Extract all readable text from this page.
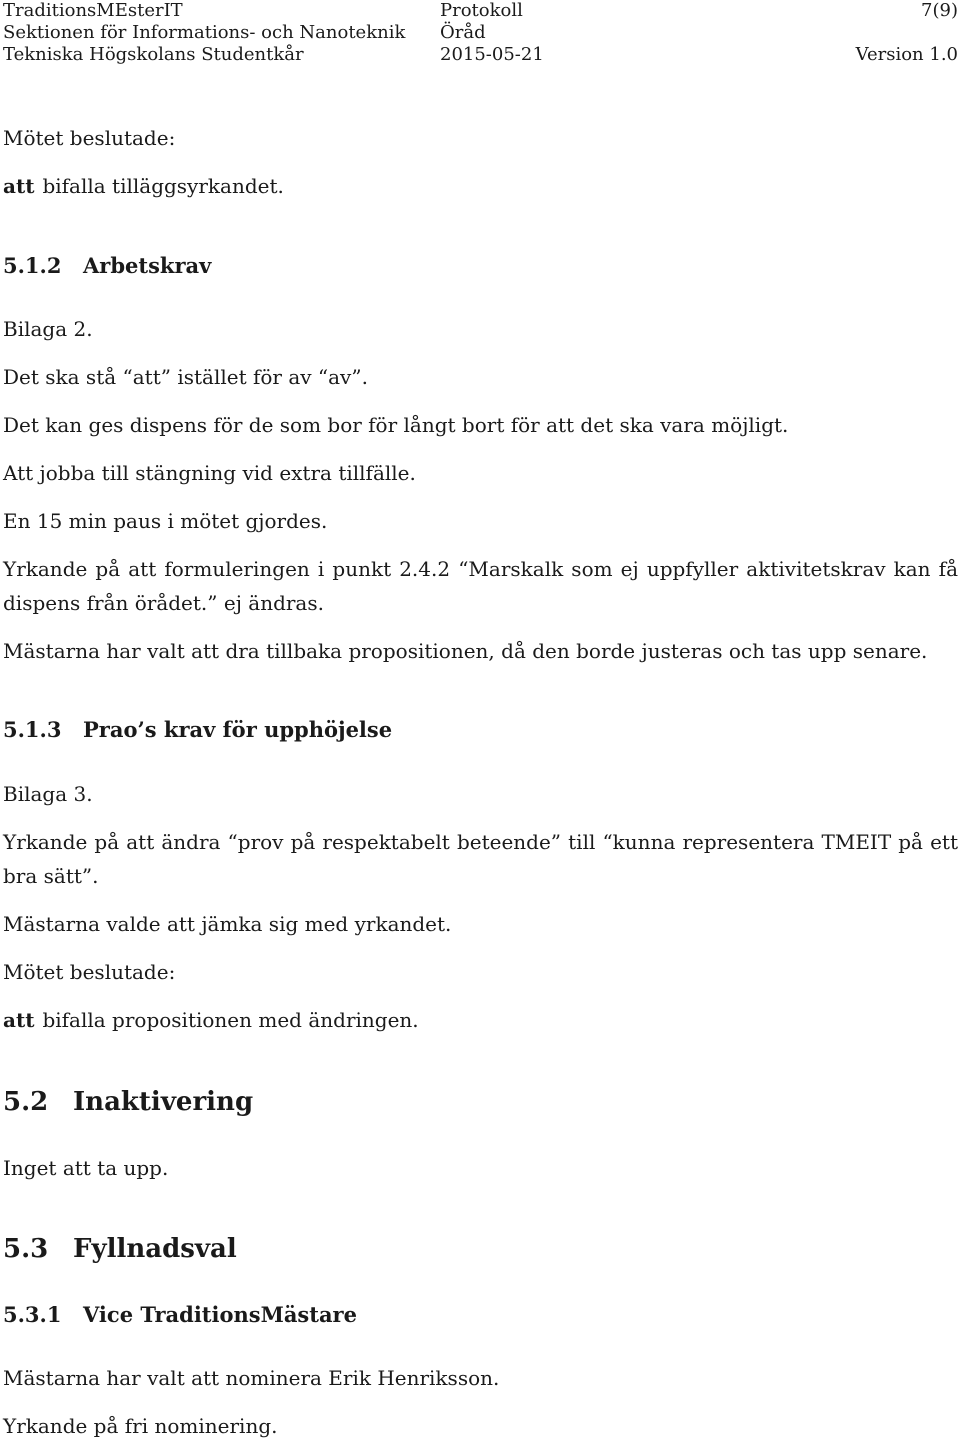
TraditionsMEsterIT	Protokoll	7(9)
Sektionen för Informations- och Nanoteknik Öråd
Tekniska Högskolans Studentkår	2015-05-21	Version 1.0
Mötet beslutade:
att bifalla tilläggsyrkandet.
5.1.2 Arbetskrav
Bilaga 2.
Det ska stå “att” istället för av “av”.
Det kan ges dispens för de som bor för långt bort för att det ska vara möjligt.
Att jobba till stängning vid extra tillfälle.
En 15 min paus i mötet gjordes.
Yrkande på att formuleringen i punkt 2.4.2 “Marskalk som ej uppfyller aktivitetskrav kan få dispens från örådet.” ej ändras.
Mästarna har valt att dra tillbaka propositionen, då den borde justeras och tas upp senare.
5.1.3 Prao’s krav för upphöjelse
Bilaga 3.
Yrkande på att ändra “prov på respektabelt beteende” till “kunna representera TMEIT på ett bra sätt”.
Mästarna valde att jämka sig med yrkandet.
Mötet beslutade:
att bifalla propositionen med ändringen.
5.2 Inaktivering
Inget att ta upp.
5.3 Fyllnadsval
5.3.1 Vice TraditionsMästare
Mästarna har valt att nominera Erik Henriksson.
Yrkande på fri nominering.
